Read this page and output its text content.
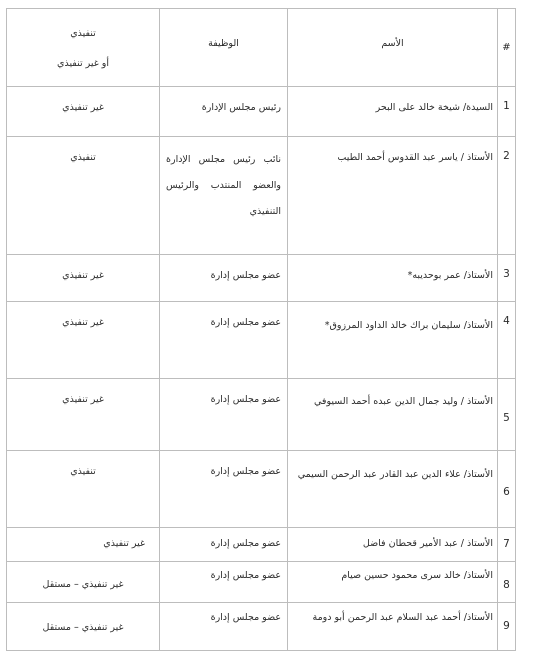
#	الأسم	الوظيفة	تنفيذي
أو غير تنفيذي

1	السيدة/ شيخة خالد على البحر	رئيس مجلس الإدارة	غير تنفيذي
2	الأستاذ / ياسر عبد القدوس أحمد الطيب	نائب رئيس مجلس الإدارة والعضو المنتدب والرئيس التنفيذي	تنفيذي
3	الأستاذ/ عمر بوحديبه*	عضو مجلس إدارة	غير تنفيذي
4	الأستاذ/ سليمان براك خالد الداود المرزوق*	عضو مجلس إدارة	غير تنفيذي
5	الأستاذ / وليد جمال الدين عبده أحمد السيوفي	عضو مجلس إدارة	غير تنفيذي
6	الأستاذ/ علاء الدين عبد القادر عبد الرحمن السيمي	عضو مجلس إدارة	تنفيذي
7	الأستاذ / عبد الأمير قحطان فاضل	عضو مجلس إدارة	غير تنفيذي
8	الأستاذ/ خالد سرى محمود حسين صيام	عضو مجلس إدارة	غير تنفيذي – مستقل
9	الأستاذ/ أحمد عبد السلام عبد الرحمن أبو دومة	عضو مجلس إدارة	غير تنفيذي – مستقل
